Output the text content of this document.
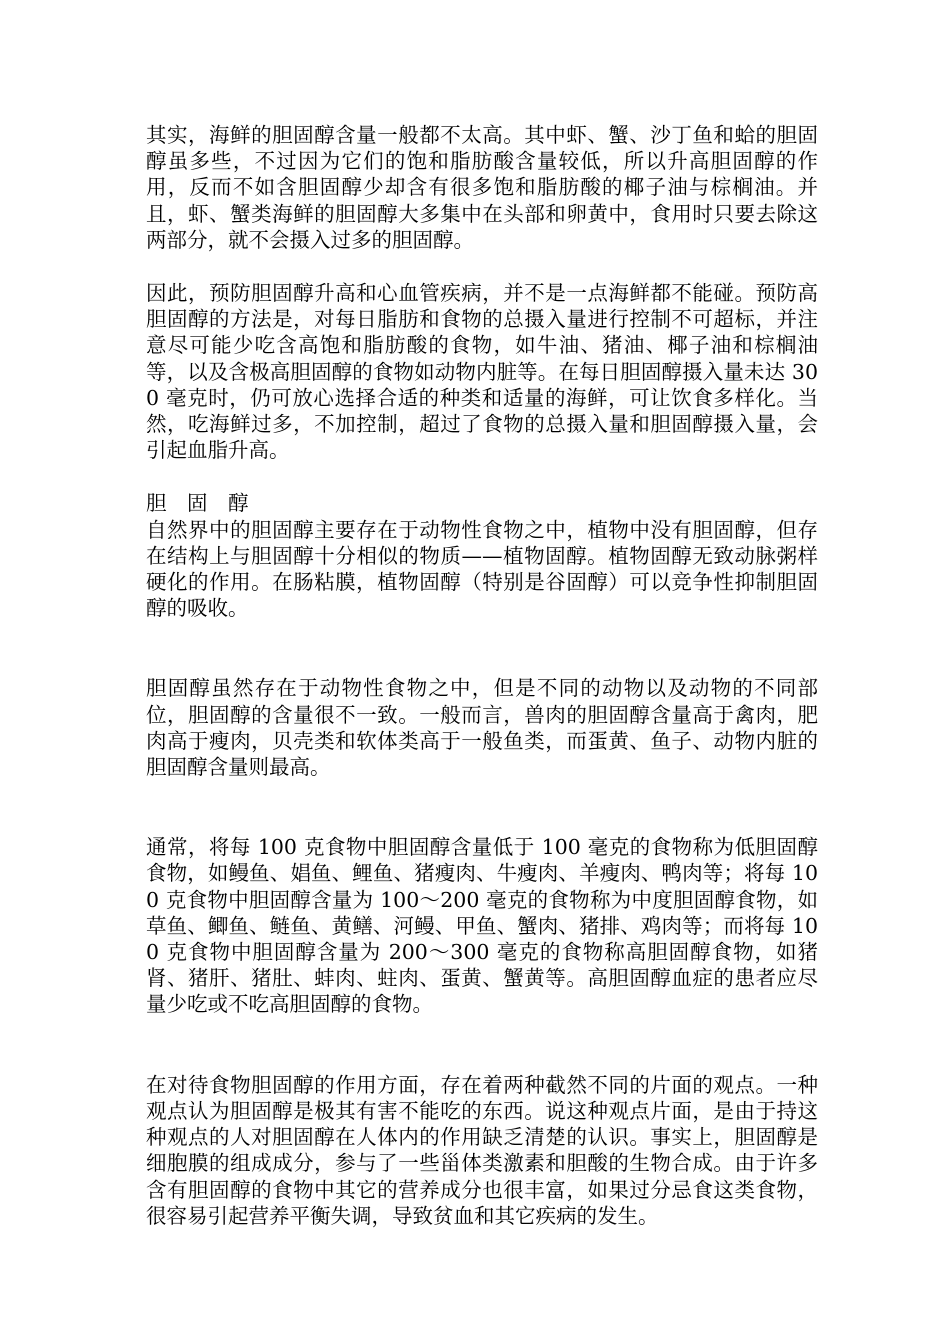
其实，海鲜的胆固醇含量一般都不太高。其中虾、蟹、沙丁鱼和蛤的胆固醇虽多些，不过因为它们的饱和脂肪酸含量较低，所以升高胆固醇的作用，反而不如含胆固醇少却含有很多饱和脂肪酸的椰子油与棕榈油。并且，虾、蟹类海鲜的胆固醇大多集中在头部和卵黄中，食用时只要去除这两部分，就不会摄入过多的胆固醇。

因此，预防胆固醇升高和心血管疾病，并不是一点海鲜都不能碰。预防高胆固醇的方法是，对每日脂肪和食物的总摄入量进行控制不可超标，并注意尽可能少吃含高饱和脂肪酸的食物，如牛油、猪油、椰子油和棕榈油等，以及含极高胆固醇的食物如动物内脏等。在每日胆固醇摄入量未达 300 毫克时，仍可放心选择合适的种类和适量的海鲜，可让饮食多样化。当然，吃海鲜过多，不加控制，超过了食物的总摄入量和胆固醇摄入量，会引起血脂升高。

胆 固 醇

自然界中的胆固醇主要存在于动物性食物之中，植物中没有胆固醇，但存在结构上与胆固醇十分相似的物质——植物固醇。植物固醇无致动脉粥样硬化的作用。在肠粘膜，植物固醇（特别是谷固醇）可以竞争性抑制胆固醇的吸收。

胆固醇虽然存在于动物性食物之中，但是不同的动物以及动物的不同部位，胆固醇的含量很不一致。一般而言，兽肉的胆固醇含量高于禽肉，肥肉高于瘦肉，贝壳类和软体类高于一般鱼类，而蛋黄、鱼子、动物内脏的胆固醇含量则最高。

通常，将每 100 克食物中胆固醇含量低于 100 毫克的食物称为低胆固醇食物，如鳗鱼、娼鱼、鲤鱼、猪瘦肉、牛瘦肉、羊瘦肉、鸭肉等；将每 100 克食物中胆固醇含量为 100～200 毫克的食物称为中度胆固醇食物，如草鱼、鲫鱼、鲢鱼、黄鳝、河鳗、甲鱼、蟹肉、猪排、鸡肉等；而将每 100 克食物中胆固醇含量为 200～300 毫克的食物称高胆固醇食物，如猪肾、猪肝、猪肚、蚌肉、蛀肉、蛋黄、蟹黄等。高胆固醇血症的患者应尽量少吃或不吃高胆固醇的食物。

在对待食物胆固醇的作用方面，存在着两种截然不同的片面的观点。一种观点认为胆固醇是极其有害不能吃的东西。说这种观点片面，是由于持这种观点的人对胆固醇在人体内的作用缺乏清楚的认识。事实上，胆固醇是细胞膜的组成成分，参与了一些甾体类激素和胆酸的生物合成。由于许多含有胆固醇的食物中其它的营养成分也很丰富，如果过分忌食这类食物，很容易引起营养平衡失调，导致贫血和其它疾病的发生。
